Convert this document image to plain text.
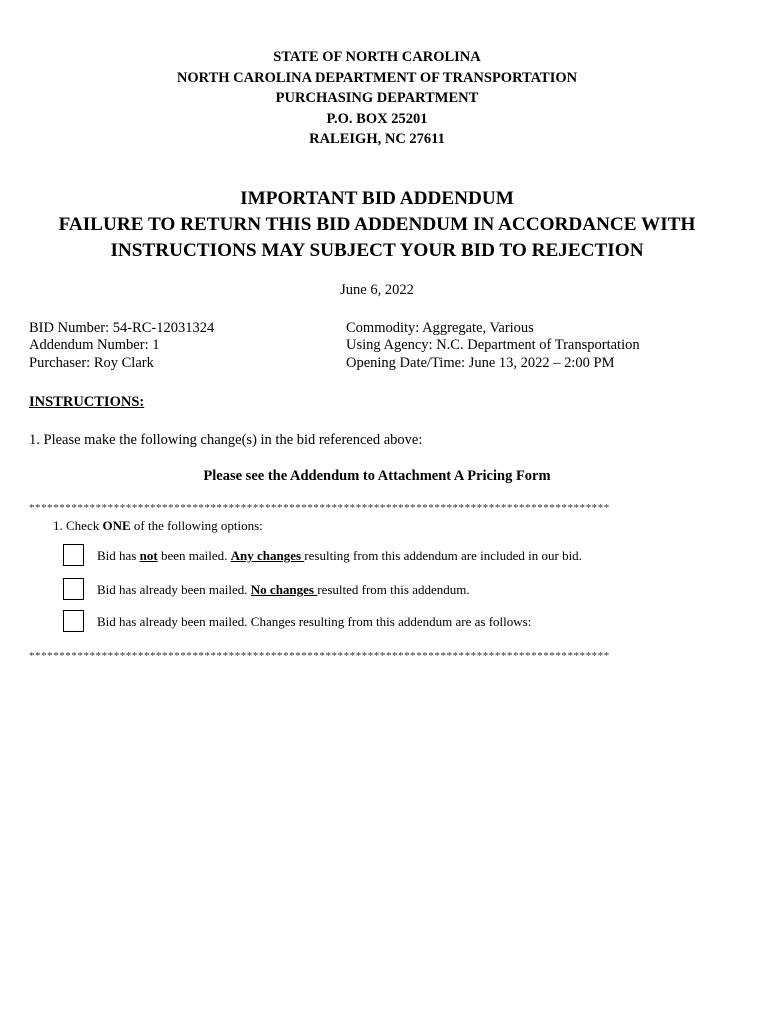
STATE OF NORTH CAROLINA
NORTH CAROLINA DEPARTMENT OF TRANSPORTATION
PURCHASING DEPARTMENT
P.O. BOX 25201
RALEIGH, NC 27611
IMPORTANT BID ADDENDUM
FAILURE TO RETURN THIS BID ADDENDUM IN ACCORDANCE WITH
INSTRUCTIONS MAY SUBJECT YOUR BID TO REJECTION
June 6, 2022
BID Number: 54-RC-12031324
Addendum Number: 1
Purchaser: Roy Clark
Commodity: Aggregate, Various
Using Agency: N.C. Department of Transportation
Opening Date/Time: June 13, 2022 – 2:00 PM
INSTRUCTIONS:
1. Please make the following change(s) in the bid referenced above:
Please see the Addendum to Attachment A Pricing Form
************************************************************************************************
1. Check ONE of the following options:
Bid has not been mailed. Any changes resulting from this addendum are included in our bid.
Bid has already been mailed. No changes resulted from this addendum.
Bid has already been mailed. Changes resulting from this addendum are as follows:
************************************************************************************************
